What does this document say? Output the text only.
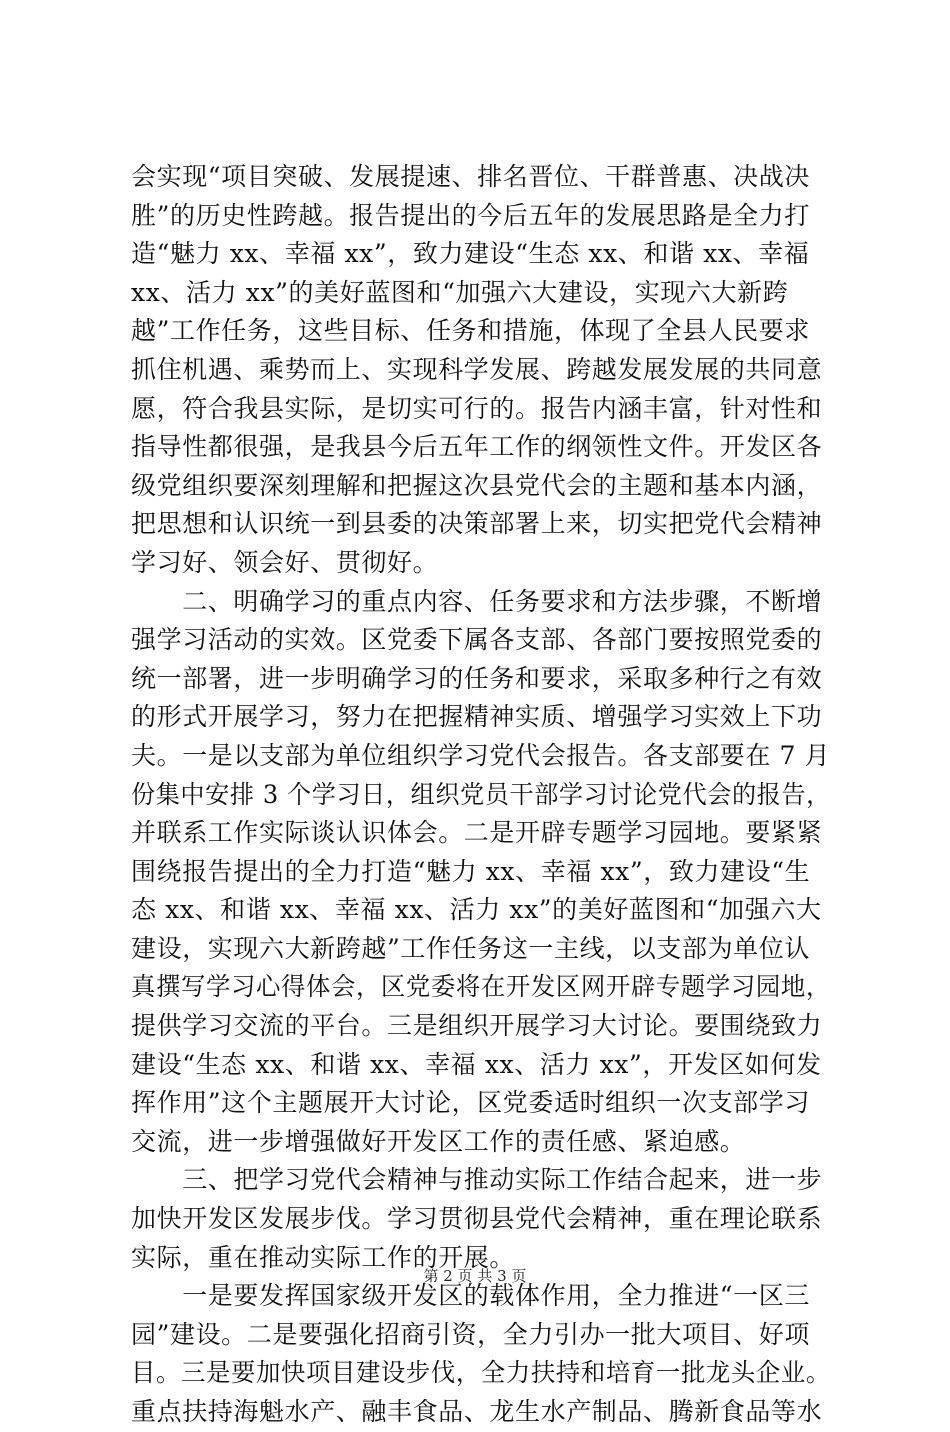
会实现“项目突破、发展提速、排名晋位、干群普惠、决战决
胜”的历史性跨越。报告提出的今后五年的发展思路是全力打
造“魅力 xx、幸福 xx”，致力建设“生态 xx、和谐 xx、幸福
xx、活力 xx”的美好蓝图和“加强六大建设，实现六大新跨
越”工作任务，这些目标、任务和措施，体现了全县人民要求
抓住机遇、乘势而上、实现科学发展、跨越发展发展的共同意
愿，符合我县实际，是切实可行的。报告内涵丰富，针对性和
指导性都很强，是我县今后五年工作的纲领性文件。开发区各
级党组织要深刻理解和把握这次县党代会的主题和基本内涵，
把思想和认识统一到县委的决策部署上来，切实把党代会精神
学习好、领会好、贯彻好。
　　二、明确学习的重点内容、任务要求和方法步骤，不断增
强学习活动的实效。区党委下属各支部、各部门要按照党委的
统一部署，进一步明确学习的任务和要求，采取多种行之有效
的形式开展学习，努力在把握精神实质、增强学习实效上下功
夫。一是以支部为单位组织学习党代会报告。各支部要在 7 月
份集中安排 3 个学习日，组织党员干部学习讨论党代会的报告，
并联系工作实际谈认识体会。二是开辟专题学习园地。要紧紧
围绕报告提出的全力打造“魅力 xx、幸福 xx”，致力建设“生
态 xx、和谐 xx、幸福 xx、活力 xx”的美好蓝图和“加强六大
建设，实现六大新跨越”工作任务这一主线，以支部为单位认
真撰写学习心得体会，区党委将在开发区网开辟专题学习园地，
提供学习交流的平台。三是组织开展学习大讨论。要围绕致力
建设“生态 xx、和谐 xx、幸福 xx、活力 xx”，开发区如何发
挥作用”这个主题展开大讨论，区党委适时组织一次支部学习
交流，进一步增强做好开发区工作的责任感、紧迫感。
　　三、把学习党代会精神与推动实际工作结合起来，进一步
加快开发区发展步伐。学习贯彻县党代会精神，重在理论联系
实际，重在推动实际工作的开展。
　　一是要发挥国家级开发区的载体作用，全力推进“一区三
园”建设。二是要强化招商引资，全力引办一批大项目、好项
目。三是要加快项目建设步伐，全力扶持和培育一批龙头企业。
重点扶持海魁水产、融丰食品、龙生水产制品、腾新食品等水
第 2 页 共 3 页
